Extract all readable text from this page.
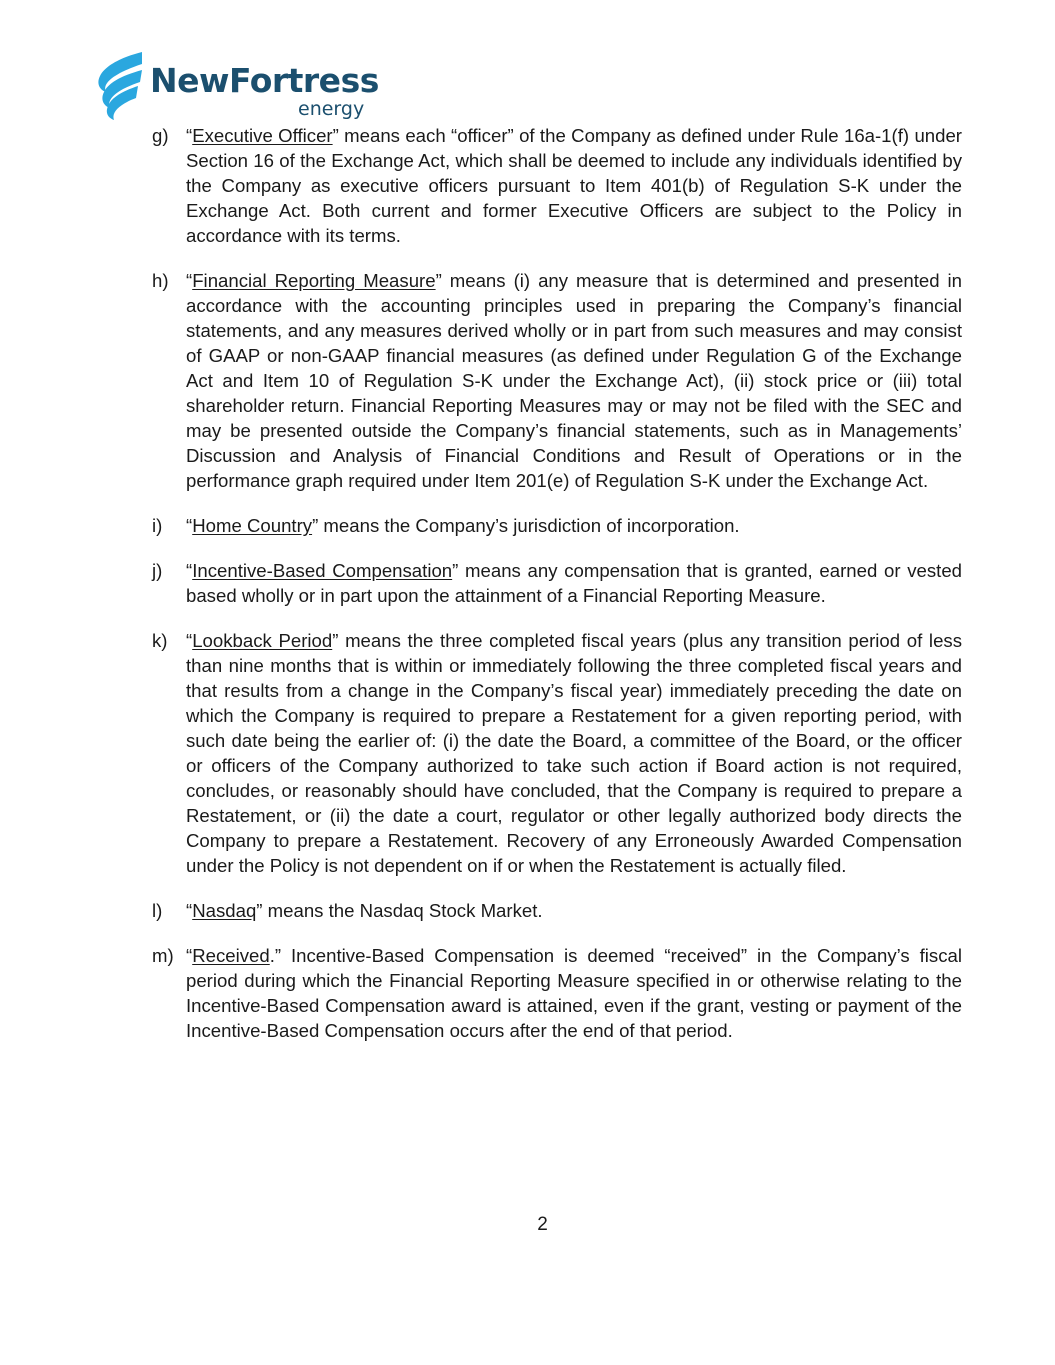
NewFortress
energy
g) “Executive Officer” means each “officer” of the Company as defined under Rule 16a-1(f) under Section 16 of the Exchange Act, which shall be deemed to include any individuals identified by the Company as executive officers pursuant to Item 401(b) of Regulation S-K under the Exchange Act. Both current and former Executive Officers are subject to the Policy in accordance with its terms.
h) “Financial Reporting Measure” means (i) any measure that is determined and presented in accordance with the accounting principles used in preparing the Company’s financial statements, and any measures derived wholly or in part from such measures and may consist of GAAP or non-GAAP financial measures (as defined under Regulation G of the Exchange Act and Item 10 of Regulation S-K under the Exchange Act), (ii) stock price or (iii) total shareholder return. Financial Reporting Measures may or may not be filed with the SEC and may be presented outside the Company’s financial statements, such as in Managements’ Discussion and Analysis of Financial Conditions and Result of Operations or in the performance graph required under Item 201(e) of Regulation S-K under the Exchange Act.
i)	“Home Country” means the Company’s jurisdiction of incorporation.
j)	“Incentive-Based Compensation” means any compensation that is granted, earned or vested based wholly or in part upon the attainment of a Financial Reporting Measure.
k) “Lookback Period” means the three completed fiscal years (plus any transition period of less than nine months that is within or immediately following the three completed fiscal years and that results from a change in the Company’s fiscal year) immediately preceding the date on which the Company is required to prepare a Restatement for a given reporting period, with such date being the earlier of: (i) the date the Board, a committee of the Board, or the officer or officers of the Company authorized to take such action if Board action is not required, concludes, or reasonably should have concluded, that the Company is required to prepare a Restatement, or (ii) the date a court, regulator or other legally authorized body directs the Company to prepare a Restatement. Recovery of any Erroneously Awarded Compensation under the Policy is not dependent on if or when the Restatement is actually filed.
l)	“Nasdaq” means the Nasdaq Stock Market.
m) “Received.” Incentive-Based Compensation is deemed “received” in the Company’s fiscal period during which the Financial Reporting Measure specified in or otherwise relating to the Incentive-Based Compensation award is attained, even if the grant, vesting or payment of the Incentive-Based Compensation occurs after the end of that period.
2
